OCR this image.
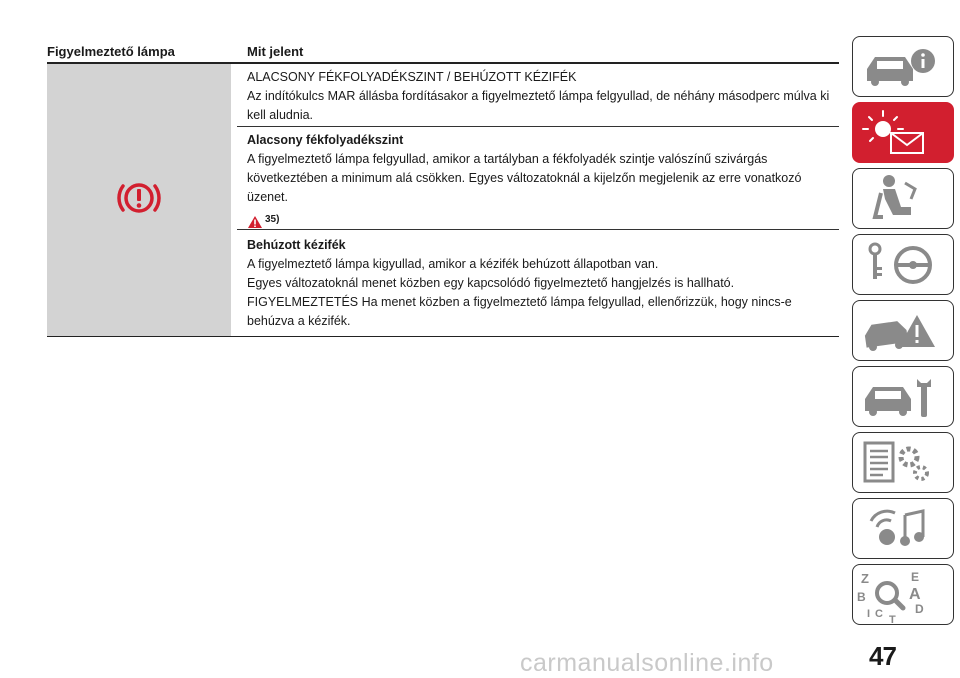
Figyelmeztető lámpa	Mit jelent

ALACSONY FÉKFOLYADÉKSZINT / BEHÚZOTT KÉZIFÉK

Az indítókulcs MAR állásba fordításakor a figyelmeztető lámpa felgyullad, de néhány másodperc múlva ki kell aludnia.

Alacsony fékfolyadékszint

A figyelmeztető lámpa felgyullad, amikor a tartályban a fékfolyadék szintje valószínű szivárgás következtében a minimum alá csökken. Egyes változatoknál a kijelzőn megjelenik az erre vonatkozó üzenet.

35)

Behúzott kézifék

A figyelmeztető lámpa kigyullad, amikor a kézifék behúzott állapotban van.

Egyes változatoknál menet közben egy kapcsolódó figyelmeztető hangjelzés is hallható.

FIGYELMEZTETÉS Ha menet közben a figyelmeztető lámpa felgyullad, ellenőrizzük, hogy nincs-e behúzva a kézifék.

Z
B
E
A
D
C T
I
47
carmanualsonline.info
